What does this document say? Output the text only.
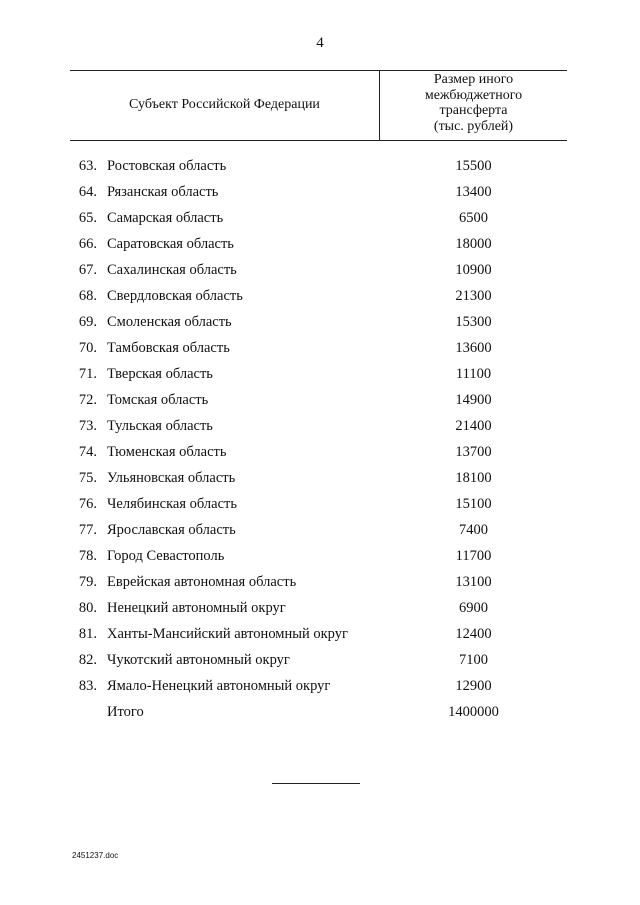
4
Субъект Российской Федерации
Размер иного
межбюджетного
трансферта
(тыс. рублей)
63. Ростовская область	15500
64. Рязанская область	13400
65. Самарская область	6500
66. Саратовская область	18000
67. Сахалинская область	10900
68. Свердловская область	21300
69. Смоленская область	15300
70. Тамбовская область	13600
71. Тверская область	11100
72. Томская область	14900
73. Тульская область	21400
74. Тюменская область	13700
75. Ульяновская область	18100
76. Челябинская область	15100
77. Ярославская область	7400
78. Город Севастополь	11700
79. Еврейская автономная область	13100
80. Ненецкий автономный округ	6900
81. Ханты-Мансийский автономный округ	12400
82. Чукотский автономный округ	7100
83. Ямало-Ненецкий автономный округ	12900
Итого	1400000
2451237.doc
